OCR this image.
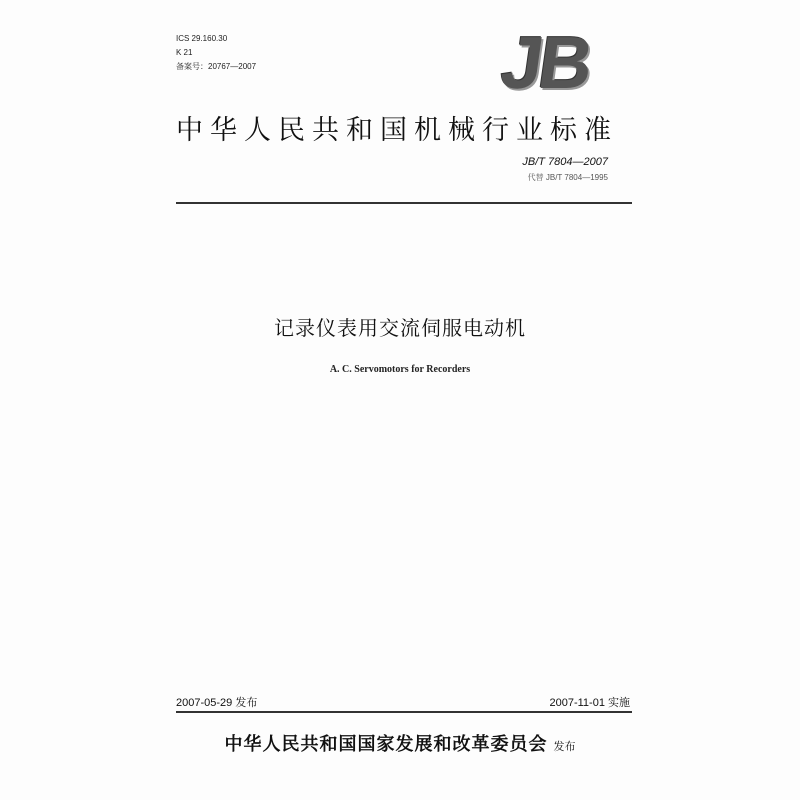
ICS 29.160.30
K 21
备案号：20767—2007	JB
中华人民共和国机械行业标准
JB/T 7804—2007
代替 JB/T 7804—1995
记录仪表用交流伺服电动机
A. C. Servomotors for Recorders
2007-05-29 发布	2007-11-01 实施
中华人民共和国国家发展和改革委员会 发布
